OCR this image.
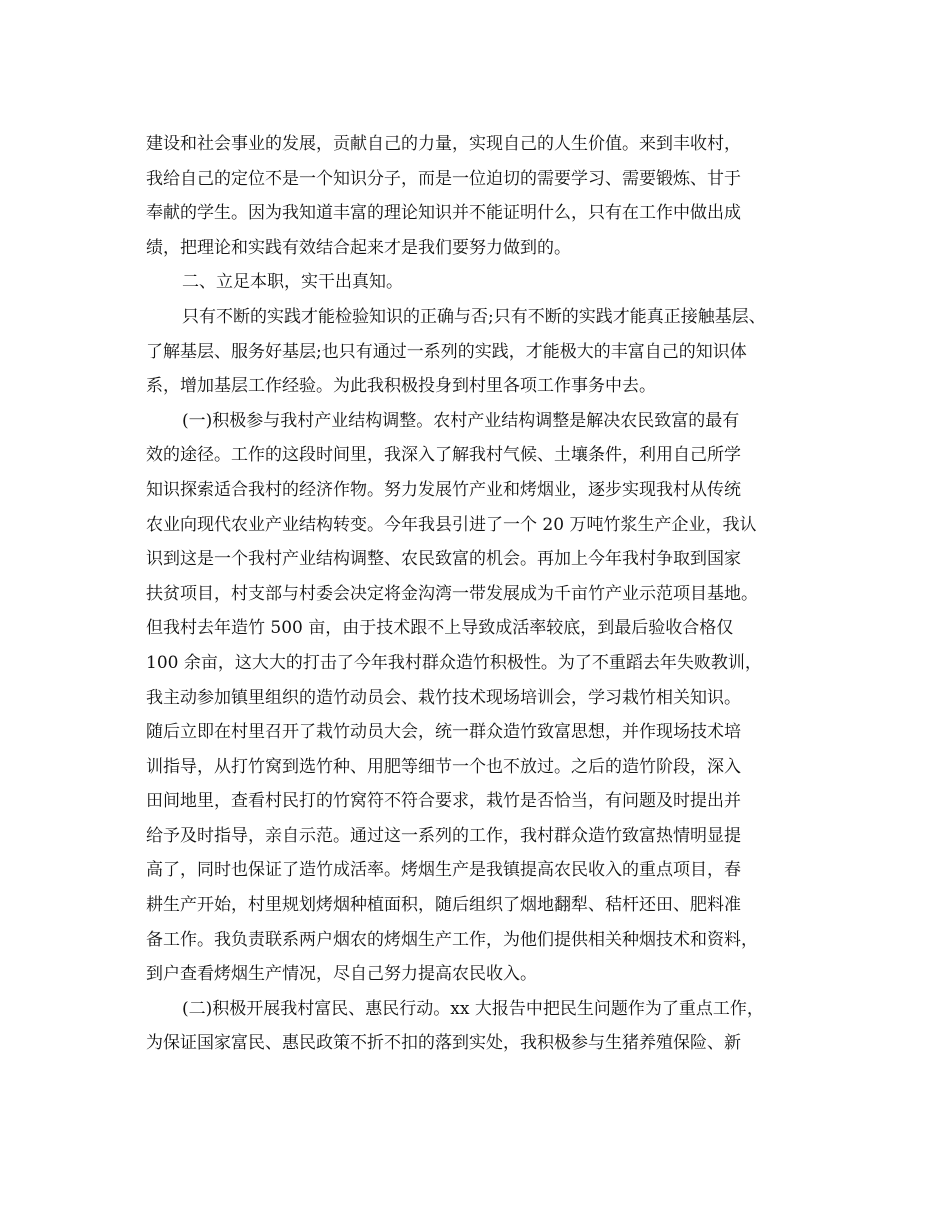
建设和社会事业的发展，贡献自己的力量，实现自己的人生价值。来到丰收村，
我给自己的定位不是一个知识分子，而是一位迫切的需要学习、需要锻炼、甘于
奉献的学生。因为我知道丰富的理论知识并不能证明什么，只有在工作中做出成
绩，把理论和实践有效结合起来才是我们要努力做到的。
二、立足本职，实干出真知。
只有不断的实践才能检验知识的正确与否;只有不断的实践才能真正接触基层、
了解基层、服务好基层;也只有通过一系列的实践，才能极大的丰富自己的知识体
系，增加基层工作经验。为此我积极投身到村里各项工作事务中去。
(一)积极参与我村产业结构调整。农村产业结构调整是解决农民致富的最有
效的途径。工作的这段时间里，我深入了解我村气候、土壤条件，利用自己所学
知识探索适合我村的经济作物。努力发展竹产业和烤烟业，逐步实现我村从传统
农业向现代农业产业结构转变。今年我县引进了一个 20 万吨竹浆生产企业，我认
识到这是一个我村产业结构调整、农民致富的机会。再加上今年我村争取到国家
扶贫项目，村支部与村委会决定将金沟湾一带发展成为千亩竹产业示范项目基地。
但我村去年造竹 500 亩，由于技术跟不上导致成活率较底，到最后验收合格仅
100 余亩，这大大的打击了今年我村群众造竹积极性。为了不重蹈去年失败教训，
我主动参加镇里组织的造竹动员会、栽竹技术现场培训会，学习栽竹相关知识。
随后立即在村里召开了栽竹动员大会，统一群众造竹致富思想，并作现场技术培
训指导，从打竹窝到选竹种、用肥等细节一个也不放过。之后的造竹阶段，深入
田间地里，查看村民打的竹窝符不符合要求，栽竹是否恰当，有问题及时提出并
给予及时指导，亲自示范。通过这一系列的工作，我村群众造竹致富热情明显提
高了，同时也保证了造竹成活率。烤烟生产是我镇提高农民收入的重点项目，春
耕生产开始，村里规划烤烟种植面积，随后组织了烟地翻犁、秸杆还田、肥料准
备工作。我负责联系两户烟农的烤烟生产工作，为他们提供相关种烟技术和资料，
到户查看烤烟生产情况，尽自己努力提高农民收入。
(二)积极开展我村富民、惠民行动。xx 大报告中把民生问题作为了重点工作，
为保证国家富民、惠民政策不折不扣的落到实处，我积极参与生猪养殖保险、新
